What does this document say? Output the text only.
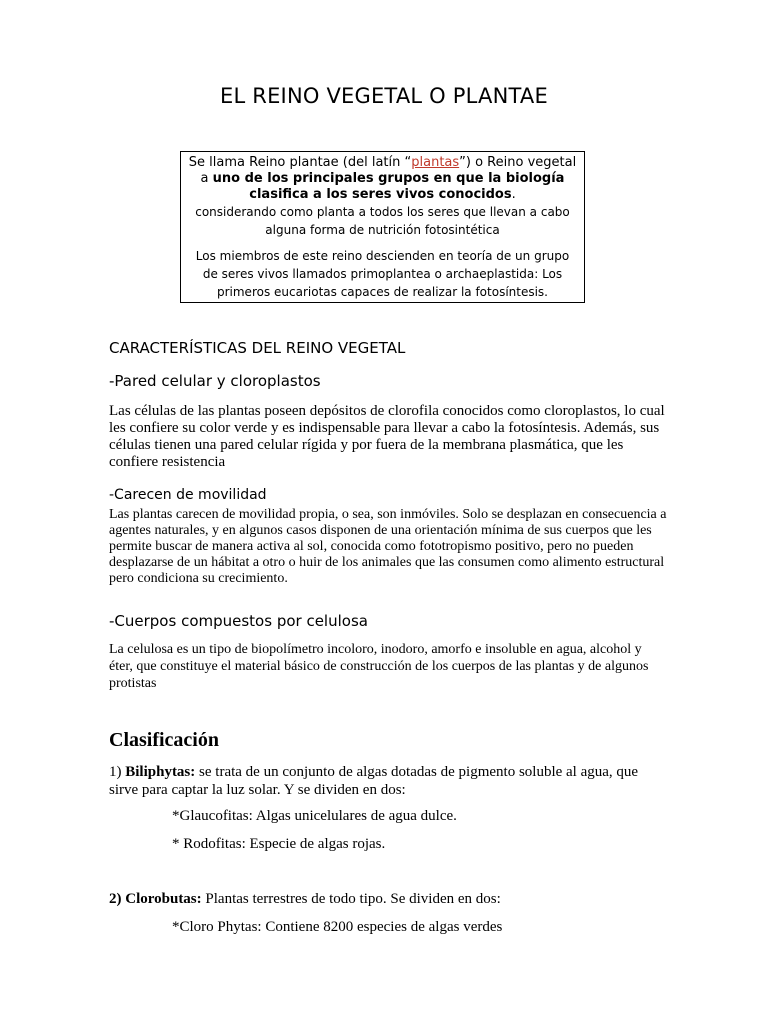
EL REINO VEGETAL O PLANTAE
Se llama Reino plantae (del latín “plantas”) o Reino vegetal a uno de los principales grupos en que la biología clasifica a los seres vivos conocidos.
considerando como planta a todos los seres que llevan a cabo alguna forma de nutrición fotosintética
Los miembros de este reino descienden en teoría de un grupo de seres vivos llamados primoplantea o archaeplastida: Los primeros eucariotas capaces de realizar la fotosíntesis.
CARACTERÍSTICAS DEL REINO VEGETAL
-Pared celular y cloroplastos
Las células de las plantas poseen depósitos de clorofila conocidos como cloroplastos, lo cual les confiere su color verde y es indispensable para llevar a cabo la fotosíntesis. Además, sus células tienen una pared celular rígida y por fuera de la membrana plasmática, que les confiere resistencia
-Carecen de movilidad
Las plantas carecen de movilidad propia, o sea, son inmóviles. Solo se desplazan en consecuencia a agentes naturales, y en algunos casos disponen de una orientación mínima de sus cuerpos que les permite buscar de manera activa al sol, conocida como fototropismo positivo, pero no pueden desplazarse de un hábitat a otro o huir de los animales que las consumen como alimento estructural pero condiciona su crecimiento.
-Cuerpos compuestos por celulosa
La celulosa es un tipo de biopolímetro incoloro, inodoro, amorfo e insoluble en agua, alcohol y éter, que constituye el material básico de construcción de los cuerpos de las plantas y de algunos protistas
Clasificación
1) Biliphytas: se trata de un conjunto de algas dotadas de pigmento soluble al agua, que sirve para captar la luz solar. Y se dividen en dos:
*Glaucofitas: Algas unicelulares de agua dulce.
* Rodofitas: Especie de algas rojas.
2) Clorobutas: Plantas terrestres de todo tipo. Se dividen en dos:
*Cloro Phytas: Contiene 8200 especies de algas verdes
